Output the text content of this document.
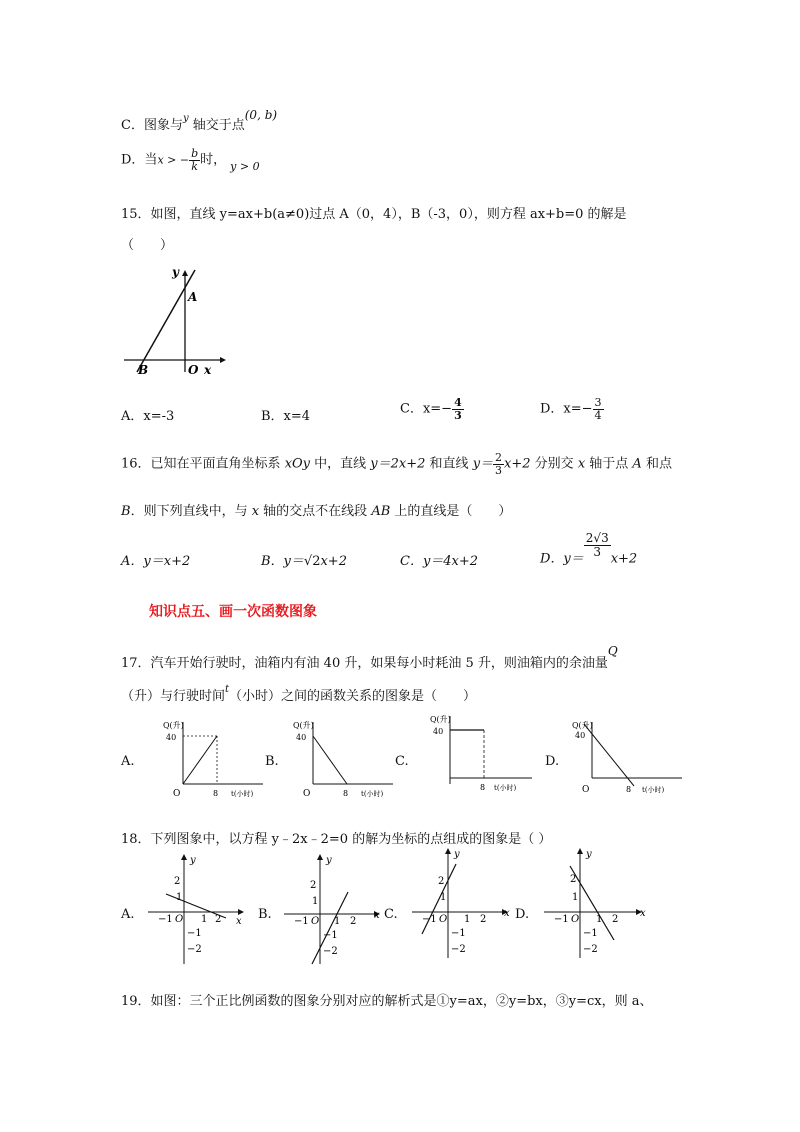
C．图象与$^y$ 轴交于点(0, b)
D．当x > − $\frac{b}{k}$ 时， $_{y > 0}$
15．如图，直线 y=ax+b(a≠0)过点 A（0，4），B（-3，0），则方程 ax+b=0 的解是
（　　）
y
A
B	O x
A．x=-3	B．x=4	C．$x=- \frac{4}{3}$	D．$x=- \frac{3}{4}$
16．已知在平面直角坐标系 xOy 中，直线 y＝2x+2 和直线 $y= \frac{2}{3} x+2$ 分别交 x 轴于点 A 和点
B．则下列直线中，与 x 轴的交点不在线段 AB 上的直线是（　　）
A．y＝x+2	B．y＝√2x+2	C．y＝4x+2	D．y＝
$\frac{2√3}{3}$
x+2
知识点五、画一次函数图象
17．汽车开始行驶时，油箱内有油 40 升，如果每小时耗油 5 升，则油箱内的余油量Q
（升）与行驶时间$^t$（小时）之间的函数关系的图象是（　　）
A.	B.	C.	D.
Q(升)
40
O	8 t(小时)
Q(升)
40
O	8 t(小时)
Q(升)
40
8 t(小时)
Q(升)
40
O	8 t(小时)
18．下列图象中，以方程 y﹣2x﹣2=0 的解为坐标的点组成的图象是（ ）
A.	B.	C.	D.
y
x
2
1
−1
−2
−1 O 1 2
y
x
2
1
−1
−2
−1 O 1 2
y
x
2
1
−1
−2
−1 O 1 2
y
x
2
1
−1
−2
−1 O 1 2
19．如图：三个正比例函数的图象分别对应的解析式是①y=ax，②y=bx，③y=cx，则 a、
